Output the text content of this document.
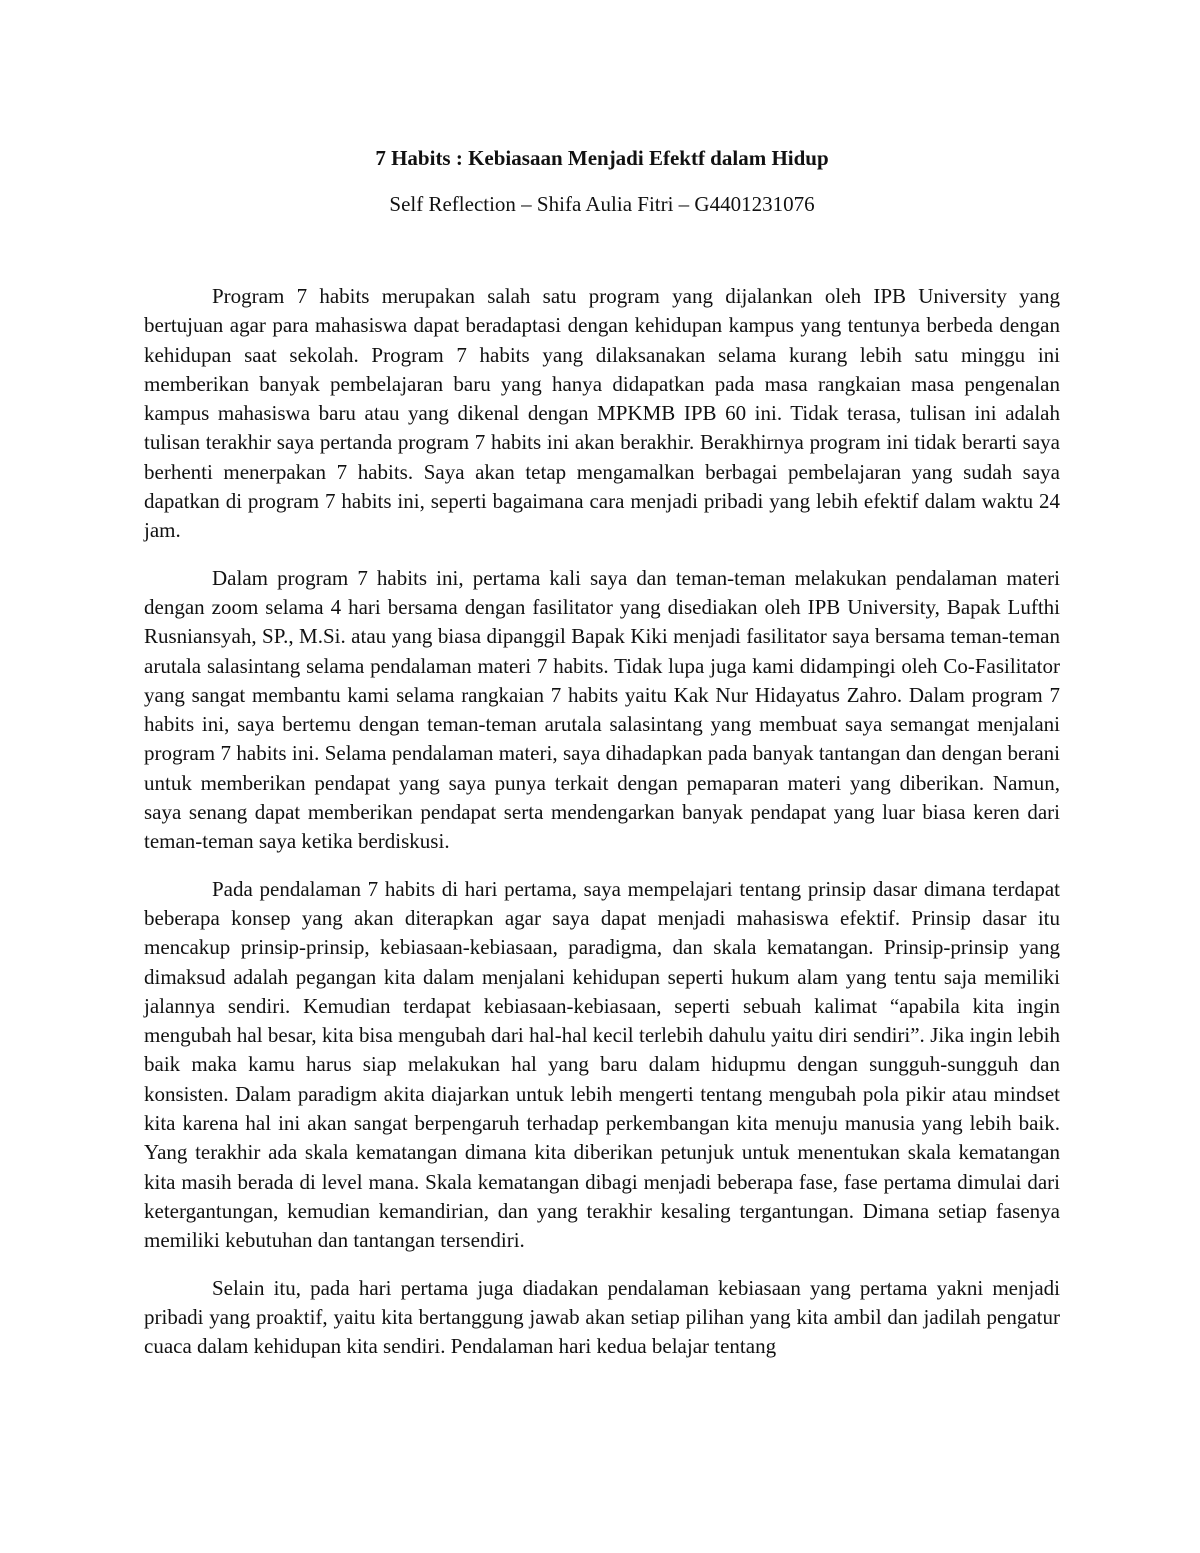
7 Habits : Kebiasaan Menjadi Efektf dalam Hidup

Self Reflection – Shifa Aulia Fitri – G4401231076

Program 7 habits merupakan salah satu program yang dijalankan oleh IPB University yang bertujuan agar para mahasiswa dapat beradaptasi dengan kehidupan kampus yang tentunya berbeda dengan kehidupan saat sekolah. Program 7 habits yang dilaksanakan selama kurang lebih satu minggu ini memberikan banyak pembelajaran baru yang hanya didapatkan pada masa rangkaian masa pengenalan kampus mahasiswa baru atau yang dikenal dengan MPKMB IPB 60 ini. Tidak terasa, tulisan ini adalah tulisan terakhir saya pertanda program 7 habits ini akan berakhir. Berakhirnya program ini tidak berarti saya berhenti menerpakan 7 habits. Saya akan tetap mengamalkan berbagai pembelajaran yang sudah saya dapatkan di program 7 habits ini, seperti bagaimana cara menjadi pribadi yang lebih efektif dalam waktu 24 jam.

Dalam program 7 habits ini, pertama kali saya dan teman-teman melakukan pendalaman materi dengan zoom selama 4 hari bersama dengan fasilitator yang disediakan oleh IPB University, Bapak Lufthi Rusniansyah, SP., M.Si. atau yang biasa dipanggil Bapak Kiki menjadi fasilitator saya bersama teman-teman arutala salasintang selama pendalaman materi 7 habits. Tidak lupa juga kami didampingi oleh Co-Fasilitator yang sangat membantu kami selama rangkaian 7 habits yaitu Kak Nur Hidayatus Zahro. Dalam program 7 habits ini, saya bertemu dengan teman-teman arutala salasintang yang membuat saya semangat menjalani program 7 habits ini. Selama pendalaman materi, saya dihadapkan pada banyak tantangan dan dengan berani untuk memberikan pendapat yang saya punya terkait dengan pemaparan materi yang diberikan. Namun, saya senang dapat memberikan pendapat serta mendengarkan banyak pendapat yang luar biasa keren dari teman-teman saya ketika berdiskusi.

Pada pendalaman 7 habits di hari pertama, saya mempelajari tentang prinsip dasar dimana terdapat beberapa konsep yang akan diterapkan agar saya dapat menjadi mahasiswa efektif. Prinsip dasar itu mencakup prinsip-prinsip, kebiasaan-kebiasaan, paradigma, dan skala kematangan. Prinsip-prinsip yang dimaksud adalah pegangan kita dalam menjalani kehidupan seperti hukum alam yang tentu saja memiliki jalannya sendiri. Kemudian terdapat kebiasaan-kebiasaan, seperti sebuah kalimat “apabila kita ingin mengubah hal besar, kita bisa mengubah dari hal-hal kecil terlebih dahulu yaitu diri sendiri”. Jika ingin lebih baik maka kamu harus siap melakukan hal yang baru dalam hidupmu dengan sungguh-sungguh dan konsisten. Dalam paradigm akita diajarkan untuk lebih mengerti tentang mengubah pola pikir atau mindset kita karena hal ini akan sangat berpengaruh terhadap perkembangan kita menuju manusia yang lebih baik. Yang terakhir ada skala kematangan dimana kita diberikan petunjuk untuk menentukan skala kematangan kita masih berada di level mana. Skala kematangan dibagi menjadi beberapa fase, fase pertama dimulai dari ketergantungan, kemudian kemandirian, dan yang terakhir kesaling tergantungan. Dimana setiap fasenya memiliki kebutuhan dan tantangan tersendiri.

Selain itu, pada hari pertama juga diadakan pendalaman kebiasaan yang pertama yakni menjadi pribadi yang proaktif, yaitu kita bertanggung jawab akan setiap pilihan yang kita ambil dan jadilah pengatur cuaca dalam kehidupan kita sendiri. Pendalaman hari kedua belajar tentang
